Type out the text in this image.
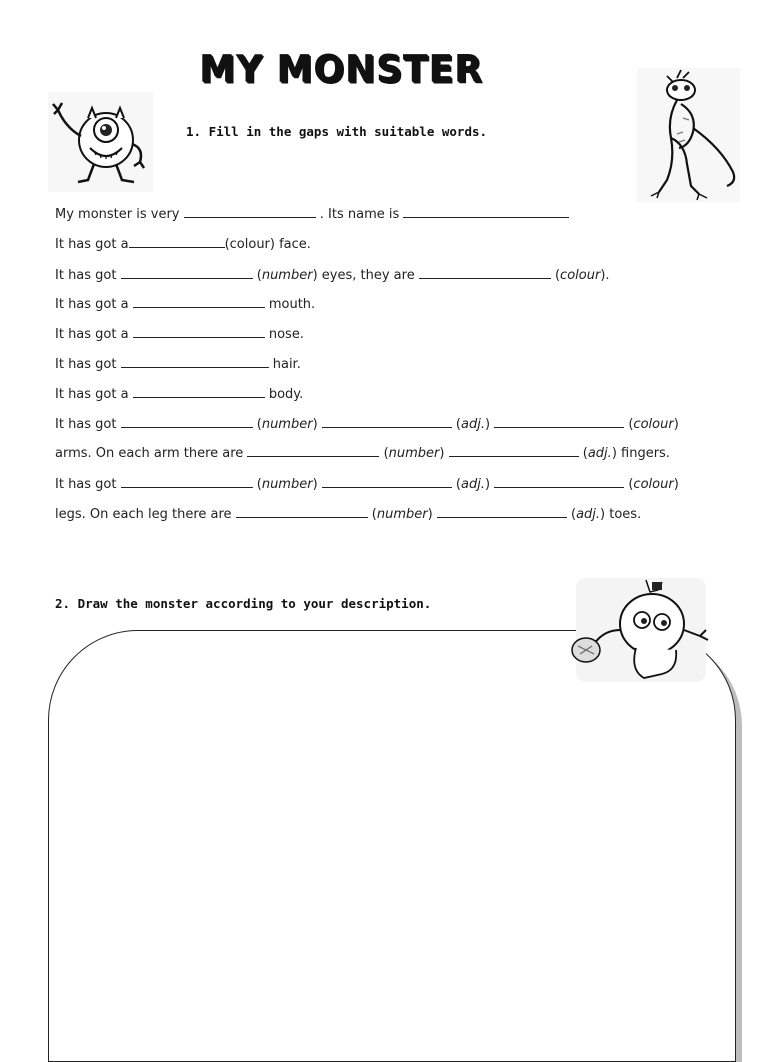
MY MONSTER
1. Fill in the gaps with suitable words.
My monster is very	. Its name is
It has got a	(colour) face.
It has got	(number) eyes, they are	(colour).
It has got a	mouth.
It has got a	nose.
It has got	hair.
It has got a	body.
It has got	(number)	(adj.)	(colour)
arms. On each arm there are	(number)	(adj.) fingers.
It has got	(number)	(adj.)	(colour)
legs. On each leg there are	(number)	(adj.) toes.
2. Draw the monster according to your description.
